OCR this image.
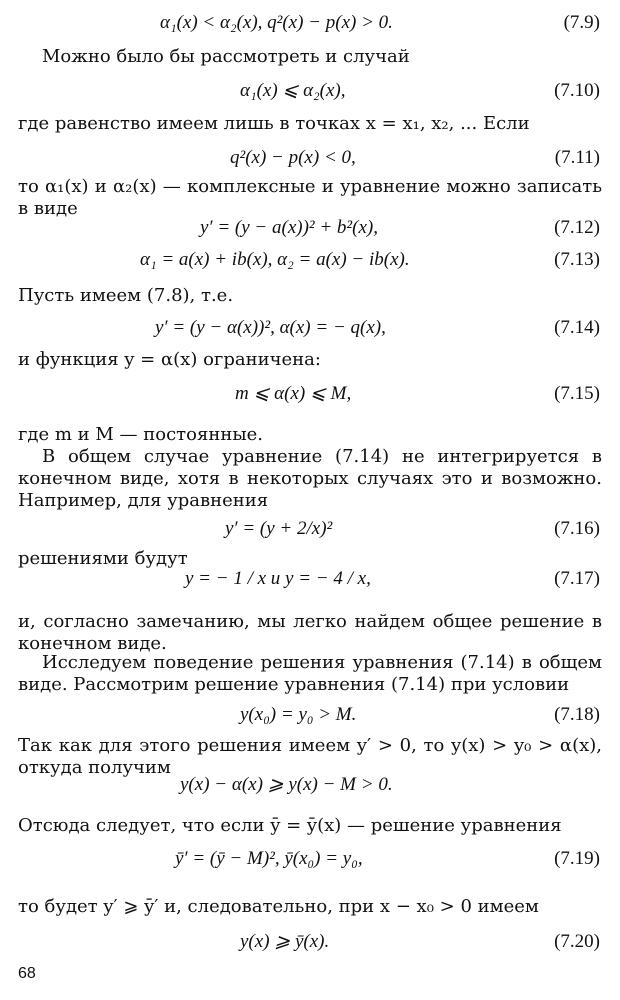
α₁(x) < α₂(x), q²(x) − p(x) > 0.	(7.9)
Можно было бы рассмотреть и случай
α₁(x) ⩽ α₂(x),	(7.10)
где равенство имеем лишь в точках x = x₁, x₂, ... Если
q²(x) − p(x) < 0,	(7.11)
то α₁(x) и α₂(x) — комплексные и уравнение можно записать в виде
y′ = (y − a(x))² + b²(x),	(7.12)
α₁ = a(x) + ib(x), α₂ = a(x) − ib(x).	(7.13)
Пусть имеем (7.8), т.е.
y′ = (y − α(x))², α(x) = − q(x),	(7.14)
и функция y = α(x) ограничена:
m ⩽ α(x) ⩽ M,	(7.15)
где m и M — постоянные.
В общем случае уравнение (7.14) не интегрируется в конечном виде, хотя в некоторых случаях это и возможно. Например, для уравнения
y′ = (y + 2/x)²	(7.16)
решениями будут
y = − 1 / x и y = − 4 / x,	(7.17)
и, согласно замечанию, мы легко найдем общее решение в конечном виде.
Исследуем поведение решения уравнения (7.14) в общем виде. Рассмотрим решение уравнения (7.14) при условии
y(x₀) = y₀ > M.	(7.18)
Так как для этого решения имеем y′ > 0, то y(x) > y₀ > α(x), откуда получим
y(x) − α(x) ⩾ y(x) − M > 0.
Отсюда следует, что если ȳ = ȳ(x) — решение уравнения
ȳ′ = (ȳ − M)², ȳ(x₀) = y₀,	(7.19)
то будет y′ ⩾ ȳ′ и, следовательно, при x − x₀ > 0 имеем
y(x) ⩾ ȳ(x).	(7.20)
68
